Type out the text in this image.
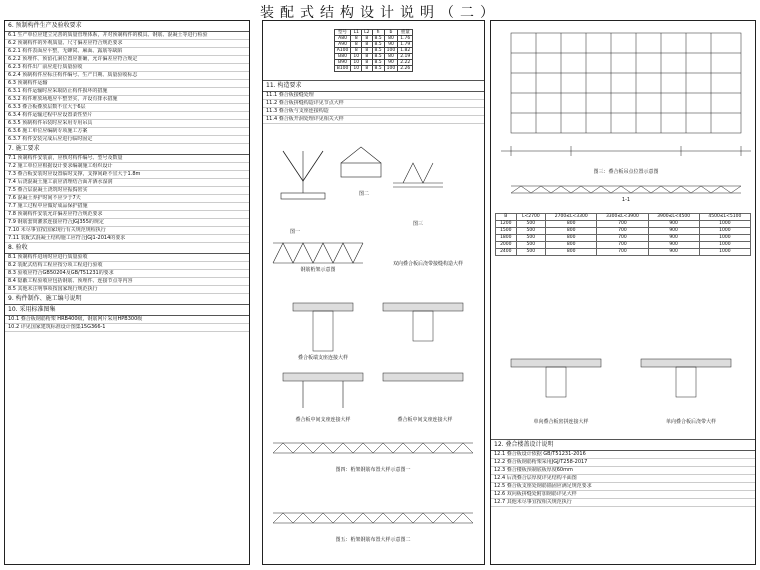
装配式结构设计说明（二）
6. 预制构件生产及验收要求
6.1 生产单位应建立完善的质量管理体系，并对预制构件的模具、钢筋、混凝土等进行检验
6.2 预制构件的外观质量、尺寸偏差应符合规范要求
6.2.1 构件表面应平整，无蜂窝、麻面、露筋等缺陷
6.2.2 预埋件、预留孔洞位置应准确，允许偏差应符合规定
6.2.3 构件出厂前应进行质量验收
6.2.4 预制构件应标注构件编号、生产日期、质量验收标志
6.3 预制构件运输
6.3.1 构件运输时应采取防止构件损坏的措施
6.3.2 构件堆放场地应平整坚实，并设有排水措施
6.3.3 叠合板叠放层数不宜大于6层
6.3.4 构件运输过程中应设置柔性垫片
6.3.5 预制构件吊装时应采用专用吊具
6.3.6 施工单位应编制专项施工方案
6.3.7 构件安装完成后应进行临时固定
7. 施工要求
7.1 预制构件安装前，应核对构件编号、型号及数量
7.2 施工单位应根据设计要求编制施工组织设计
7.3 叠合板安装时应设置临时支撑，支撑间距不宜大于1.8m
7.4 后浇混凝土施工前应清理结合面并洒水湿润
7.5 叠合层混凝土浇筑时应振捣密实
7.6 混凝土养护时间不应少于7天
7.7 施工过程中应做好成品保护措施
7.8 预制构件安装允许偏差应符合规范要求
7.9 钢筋套筒灌浆连接应符合JGJ355的规定
7.10 未尽事宜按国家现行有关规范规程执行
7.11 装配式混凝土结构施工应符合JGJ1-2014的要求
8. 验收
8.1 预制构件进场时应进行质量验收
8.2 装配式结构工程应按分项工程进行验收
8.3 验收应符合GB50204及GB/T51231的要求
8.4 隐蔽工程验收应包括钢筋、预埋件、连接节点等内容
8.5 其他未注明事项按国家现行规范执行
9. 构件制作、施工编号说明
10. 采用标准图集
10.1 叠合板钢筋桁架 HRB400级，钢筋网片采用HPB300级
10.2 详见国家建筑标准设计图集15G366-1
型号	L1	L2	h	b	重量
A80	8	8	8.5	80	1.76
A90	8	8	8.5	90	1.79
A100	8	8	8.5	100	1.82
B80	10	8	8.5	80	2.19
B90	10	8	8.5	90	2.22
B100	10	8	8.5	100	2.26
11. 构造要求
11.1 叠合板接缝处理
11.2 叠合板拼缝构造详见节点大样
11.3 叠合板与支座连接构造
11.4 叠合板开洞处理详见相关大样
图一
图二
图三
钢筋桁架示意图
叠合板端支座连接大样
叠合板中间支座连接大样	叠合板中间支座连接大样
双向叠合板后浇带接缝构造大样
图四：桁架钢筋布置大样示意图一
图五：桁架钢筋布置大样示意图二
图三：叠合板吊点位置示意图
1-1
B	L<2700	2700≤L<3300	3300≤L<3900	3900≤L<4500	4500≤L<5100
1200	500	800	700	900	1000
1500	500	800	700	900	1000
1800	500	800	700	900	1000
2000	500	800	700	900	1000
2400	500	800	700	900	1000
单向叠合板密拼连接大样	单向叠合板后浇带大样
12. 叠合楼盖设计说明
12.1 叠合板设计依据 GB/T51231-2016
12.2 叠合板钢筋桁架采用JGJ/T258-2017
12.3 叠合楼板预制底板厚度60mm
12.4 后浇叠合层厚度详见结构平面图
12.5 叠合板支座处钢筋锚固应满足规范要求
12.6 双向板拼缝处附加钢筋详见大样
12.7 其他未尽事宜按相关规范执行
